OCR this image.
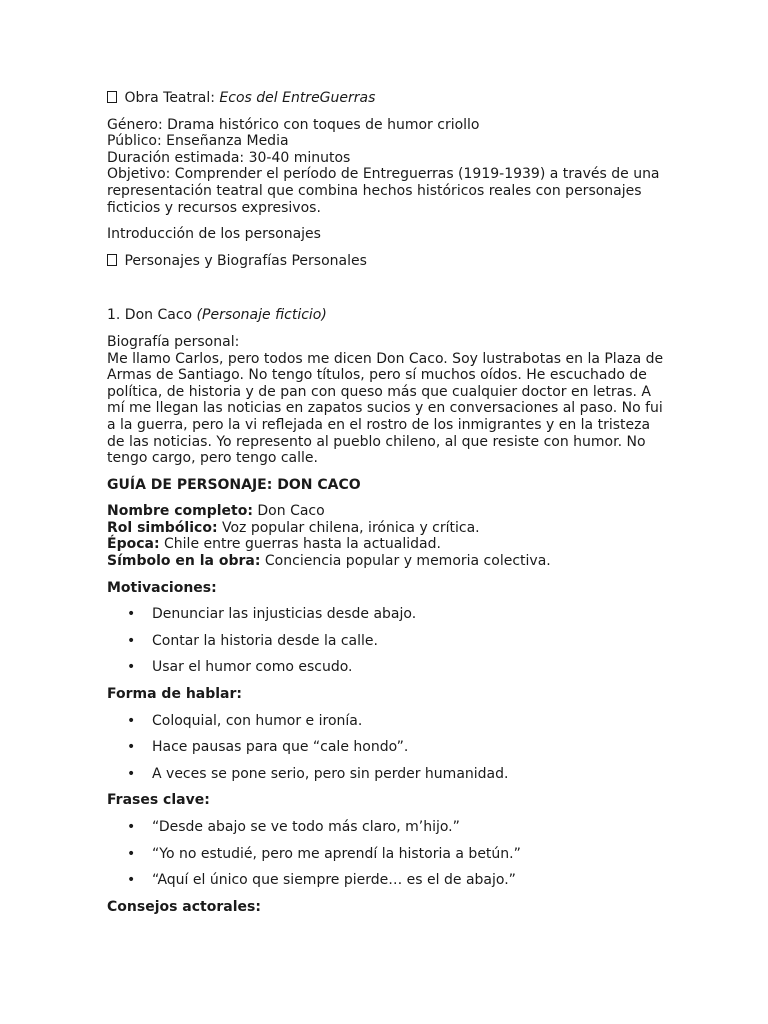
Obra Teatral: Ecos del EntreGuerras

Género: Drama histórico con toques de humor criollo

Público: Enseñanza Media

Duración estimada: 30-40 minutos

Objetivo: Comprender el período de Entreguerras (1919-1939) a través de una representación teatral que combina hechos históricos reales con personajes ficticios y recursos expresivos.

Introducción de los personajes

Personajes y Biografías Personales

1. Don Caco (Personaje ficticio)

Biografía personal:

Me llamo Carlos, pero todos me dicen Don Caco. Soy lustrabotas en la Plaza de Armas de Santiago. No tengo títulos, pero sí muchos oídos. He escuchado de política, de historia y de pan con queso más que cualquier doctor en letras. A mí me llegan las noticias en zapatos sucios y en conversaciones al paso. No fui a la guerra, pero la vi reflejada en el rostro de los inmigrantes y en la tristeza de las noticias. Yo represento al pueblo chileno, al que resiste con humor. No tengo cargo, pero tengo calle.

GUÍA DE PERSONAJE: DON CACO

Nombre completo: Don Caco

Rol simbólico: Voz popular chilena, irónica y crítica.

Época: Chile entre guerras hasta la actualidad.

Símbolo en la obra: Conciencia popular y memoria colectiva.

Motivaciones:

• Denunciar las injusticias desde abajo.
• Contar la historia desde la calle.
• Usar el humor como escudo.

Forma de hablar:

• Coloquial, con humor e ironía.
• Hace pausas para que “cale hondo”.
• A veces se pone serio, pero sin perder humanidad.

Frases clave:

• “Desde abajo se ve todo más claro, m’hijo.”
• “Yo no estudié, pero me aprendí la historia a betún.”
• “Aquí el único que siempre pierde… es el de abajo.”

Consejos actorales:
